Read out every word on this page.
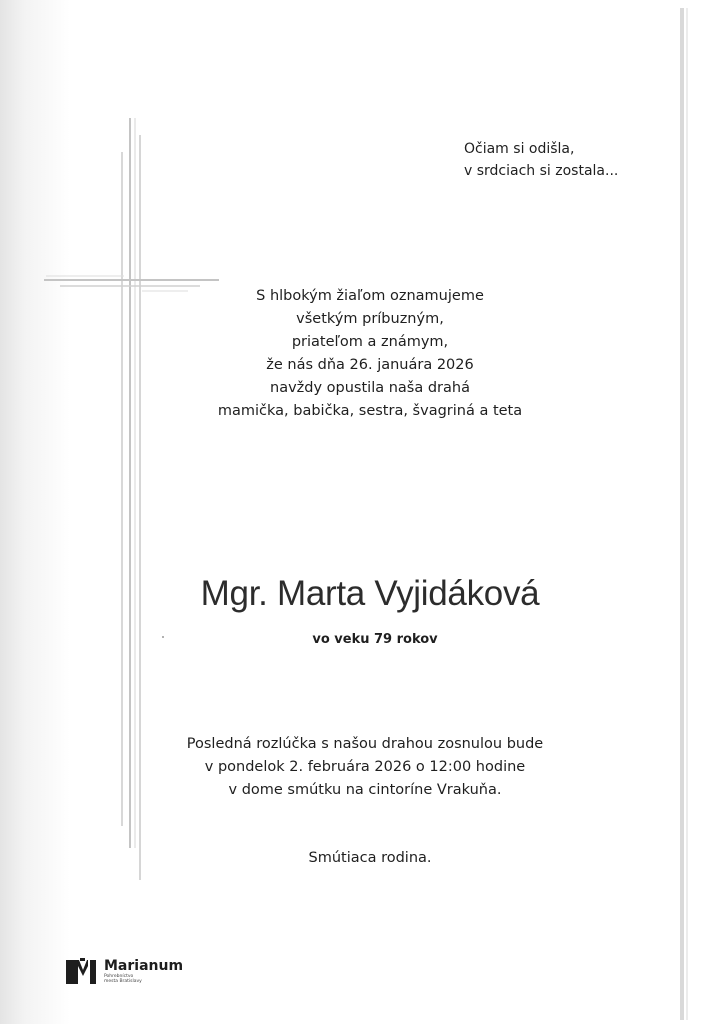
Očiam si odišla,
v srdciach si zostala...
S hlbokým žiaľom oznamujeme
všetkým príbuzným,
priateľom a známym,
že nás dňa 26. januára 2026
navždy opustila naša drahá
mamička, babička, sestra, švagriná a teta
Mgr. Marta Vyjidáková
vo veku 79 rokov
Posledná rozlúčka s našou drahou zosnulou bude
v pondelok 2. februára 2026 o 12:00 hodine
v dome smútku na cintoríne Vrakuňa.
Smútiaca rodina.
Marianum
Pohrebníctvo
mesta Bratislavy
